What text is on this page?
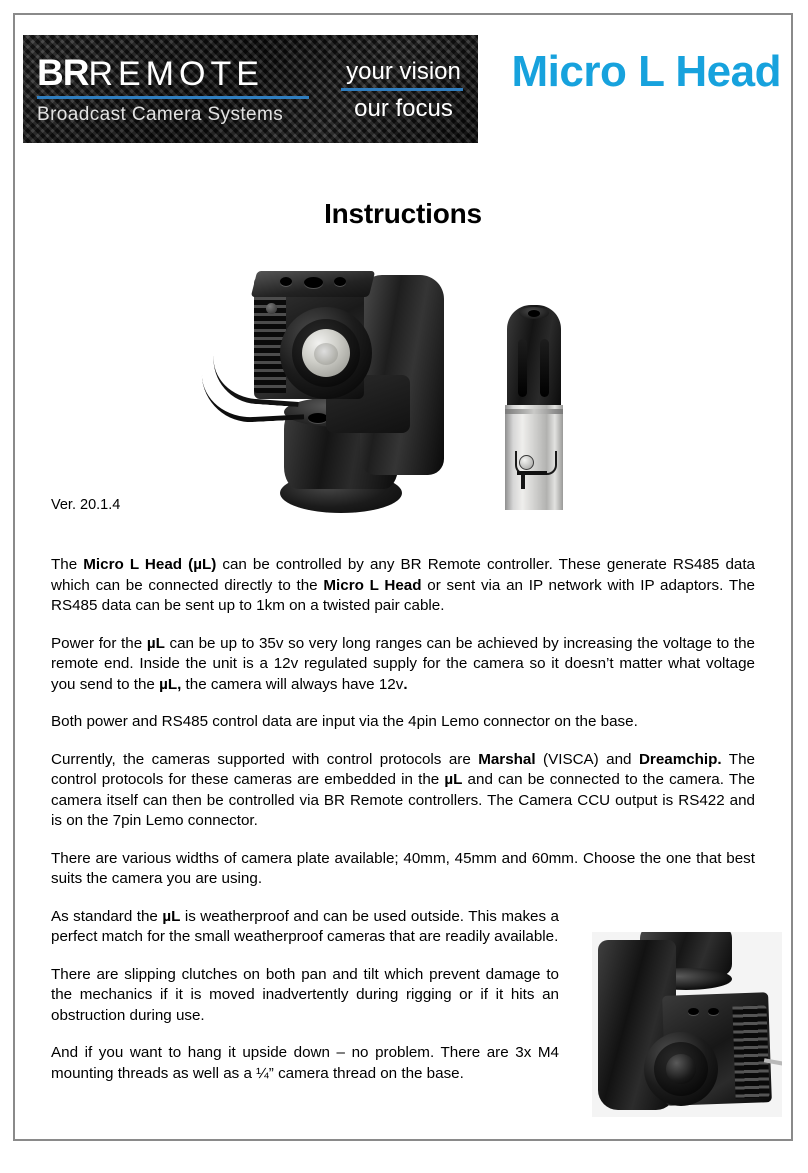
BRREMOTE
Broadcast Camera Systems
your vision
our focus
Micro L Head
Instructions
Ver. 20.1.4

The Micro L Head (µL) can be controlled by any BR Remote controller. These generate RS485 data which can be connected directly to the Micro L Head or sent via an IP network with IP adaptors. The RS485 data can be sent up to 1km on a twisted pair cable.

Power for the µL can be up to 35v so very long ranges can be achieved by increasing the voltage to the remote end. Inside the unit is a 12v regulated supply for the camera so it doesn’t matter what voltage you send to the µL, the camera will always have 12v.

Both power and RS485 control data are input via the 4pin Lemo connector on the base.

Currently, the cameras supported with control protocols are Marshal (VISCA) and Dreamchip. The control protocols for these cameras are embedded in the µL and can be connected to the camera. The camera itself can then be controlled via BR Remote controllers. The Camera CCU output is RS422 and is on the 7pin Lemo connector.

There are various widths of camera plate available; 40mm, 45mm and 60mm. Choose the one that best suits the camera you are using.

As standard the µL is weatherproof and can be used outside. This makes a perfect match for the small weatherproof cameras that are readily available.

There are slipping clutches on both pan and tilt which prevent damage to the mechanics if it is moved inadvertently during rigging or if it hits an obstruction during use.

And if you want to hang it upside down – no problem. There are 3x M4 mounting threads as well as a ¼” camera thread on the base.
